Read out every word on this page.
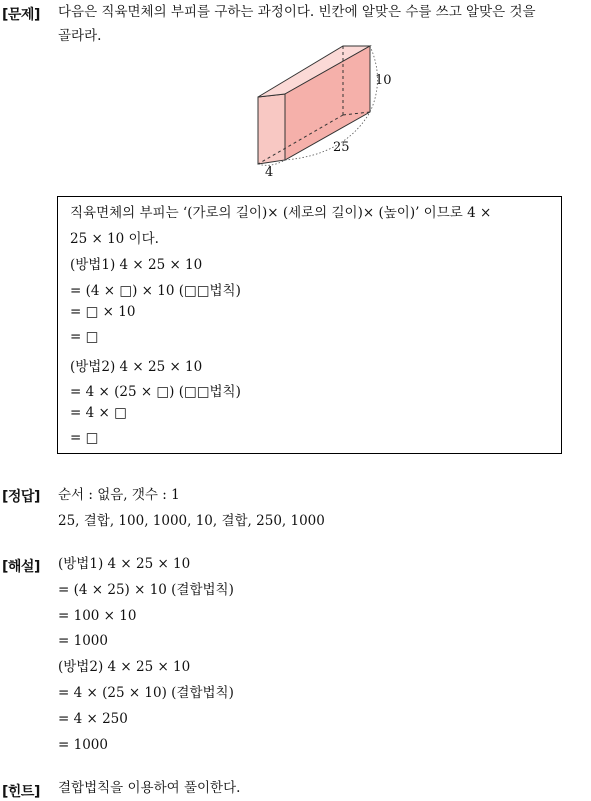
[문제] 다음은 직육면체의 부피를 구하는 과정이다. 빈칸에 알맞은 수를 쓰고 알맞은 것을
골라라.
10
25
4
직육면체의 부피는 ‘(가로의 길이)× (세로의 길이)× (높이)’ 이므로 4 ×
25 × 10 이다.
(방법1) 4 × 25 × 10
= (4 × □) × 10 (□□법칙)
= □ × 10
= □
(방법2) 4 × 25 × 10
= 4 × (25 × □) (□□법칙)
= 4 × □
= □
[정답] 순서 : 없음, 갯수 : 1
25, 결합, 100, 1000, 10, 결합, 250, 1000
[해설] (방법1) 4 × 25 × 10
= (4 × 25) × 10 (결합법칙)
= 100 × 10
= 1000
(방법2) 4 × 25 × 10
= 4 × (25 × 10) (결합법칙)
= 4 × 250
= 1000
[힌트] 결합법칙을 이용하여 풀이한다.
